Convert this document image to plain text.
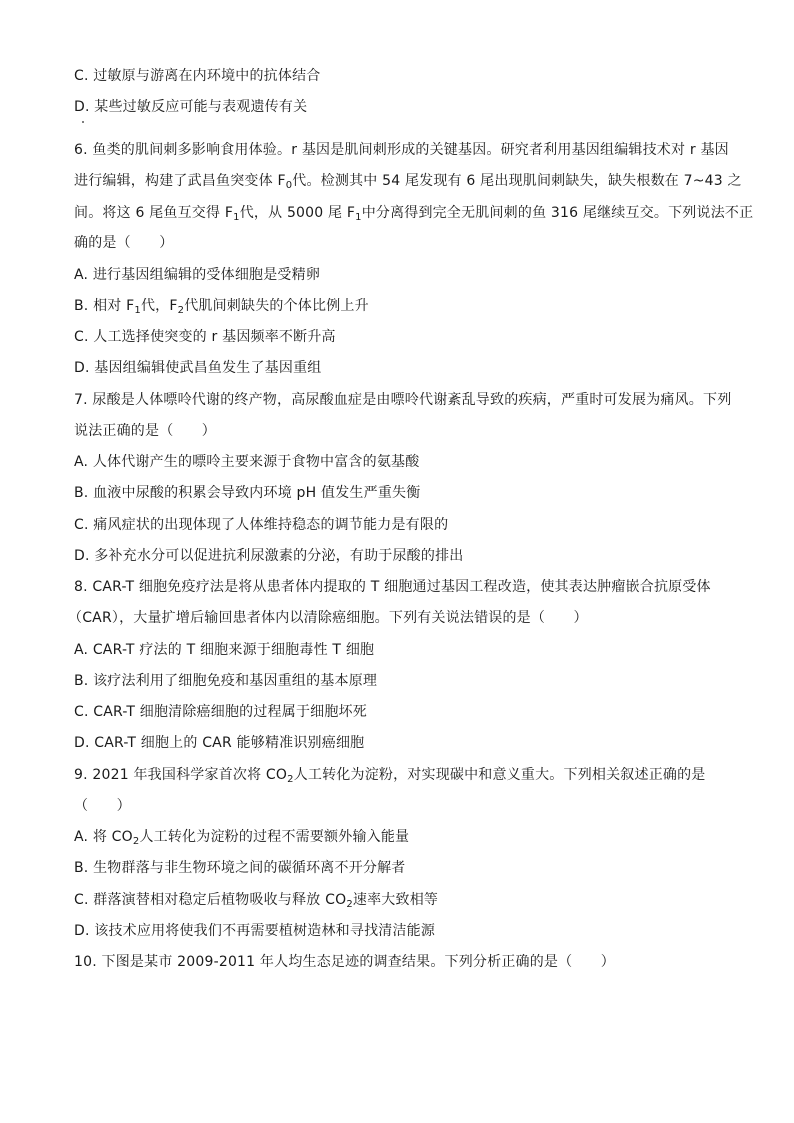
C. 过敏原与游离在内环境中的抗体结合
D. 某些过敏反应可能与表观遗传有关
6. 鱼类的肌间刺多影响食用体验。r 基因是肌间刺形成的关键基因。研究者利用基因组编辑技术对 r 基因
进行编辑，构建了武昌鱼突变体 $F_0$代。检测其中 54 尾发现有 6 尾出现肌间刺缺失，缺失根数在 7~43 之
间。将这 6 尾鱼互交得 $F_1$代，从 5000 尾 $F_1$中分离得到完全无肌间刺的鱼 316 尾继续互交。下列说法不正
确的是（　　）
A. 进行基因组编辑的受体细胞是受精卵
B. 相对 $F_1$代，$F_2$代肌间刺缺失的个体比例上升
C. 人工选择使突变的 r 基因频率不断升高
D. 基因组编辑使武昌鱼发生了基因重组
7. 尿酸是人体嘌呤代谢的终产物，高尿酸血症是由嘌呤代谢紊乱导致的疾病，严重时可发展为痛风。下列
说法正确的是（　　）
A. 人体代谢产生的嘌呤主要来源于食物中富含的氨基酸
B. 血液中尿酸的积累会导致内环境 pH 值发生严重失衡
C. 痛风症状的出现体现了人体维持稳态的调节能力是有限的
D. 多补充水分可以促进抗利尿激素的分泌，有助于尿酸的排出
8. CAR-T 细胞免疫疗法是将从患者体内提取的 T 细胞通过基因工程改造，使其表达肿瘤嵌合抗原受体
（CAR），大量扩增后输回患者体内以清除癌细胞。下列有关说法错误的是（　　）
A. CAR-T 疗法的 T 细胞来源于细胞毒性 T 细胞
B. 该疗法利用了细胞免疫和基因重组的基本原理
C. CAR-T 细胞清除癌细胞的过程属于细胞坏死
D. CAR-T 细胞上的 CAR 能够精准识别癌细胞
9. 2021 年我国科学家首次将 $CO_2$人工转化为淀粉，对实现碳中和意义重大。下列相关叙述正确的是
（　　）
A. 将 $CO_2$人工转化为淀粉的过程不需要额外输入能量
B. 生物群落与非生物环境之间的碳循环离不开分解者
C. 群落演替相对稳定后植物吸收与释放 $CO_2$速率大致相等
D. 该技术应用将使我们不再需要植树造林和寻找清洁能源
10. 下图是某市 2009-2011 年人均生态足迹的调查结果。下列分析正确的是（　　）
